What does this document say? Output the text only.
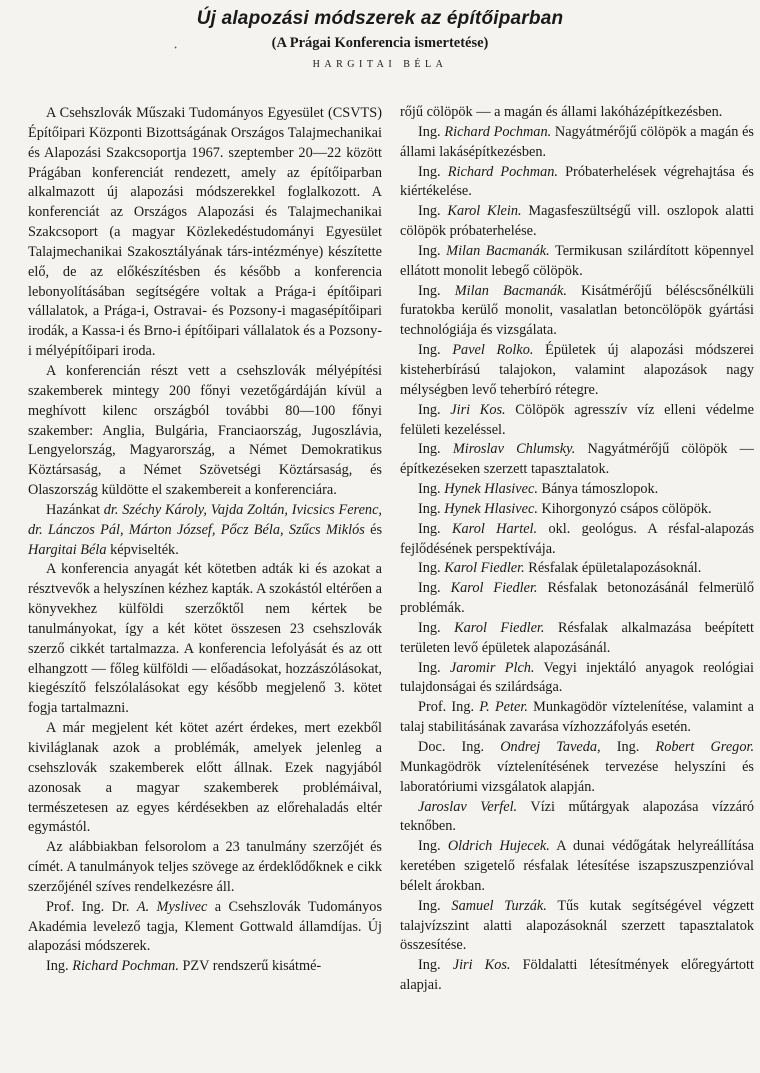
Új alapozási módszerek az építőiparban
(A Prágai Konferencia ismertetése)
HARGITAI BÉLA
ꞏ

A Csehszlovák Műszaki Tudományos Egyesület (CSVTS) Építőipari Központi Bizottságának Országos Talajmechanikai és Alapozási Szakcsoportja 1967. szeptember 20—22 között Prágában konferenciát rendezett, amely az építőiparban alkalmazott új alapozási módszerekkel foglalkozott. A konferenciát az Országos Alapozási és Talajmechanikai Szakcsoport (a magyar Közlekedéstudományi Egyesület Talajmechanikai Szakosztályának társ-intézménye) készítette elő, de az előkészítésben és később a konferencia lebonyolításában segítségére voltak a Prága-i építőipari vállalatok, a Prága-i, Ostravai- és Pozsony-i magasépítőipari irodák, a Kassa-i és Brno-i építőipari vállalatok és a Pozsony-i mélyépítőipari iroda.

A konferencián részt vett a csehszlovák mélyépítési szakemberek mintegy 200 főnyi vezetőgárdáján kívül a meghívott kilenc országból további 80—100 főnyi szakember: Anglia, Bulgária, Franciaország, Jugoszlávia, Lengyelország, Magyarország, a Német Demokratikus Köztársaság, a Német Szövetségi Köztársaság, és Olaszország küldötte el szakembereit a konferenciára.

Hazánkat dr. Széchy Károly, Vajda Zoltán, Ivicsics Ferenc, dr. Lánczos Pál, Márton József, Pőcz Béla, Szűcs Miklós és Hargitai Béla képviselték.

A konferencia anyagát két kötetben adták ki és azokat a résztvevők a helyszínen kézhez kapták. A szokástól eltérően a könyvekhez külföldi szerzőktől nem kértek be tanulmányokat, így a két kötet összesen 23 csehszlovák szerző cikkét tartalmazza. A konferencia lefolyását és az ott elhangzott — főleg külföldi — előadásokat, hozzászólásokat, kiegészítő felszólalásokat egy később megjelenő 3. kötet fogja tartalmazni.

A már megjelent két kötet azért érdekes, mert ezekből kiviláglanak azok a problémák, amelyek jelenleg a csehszlovák szakemberek előtt állnak. Ezek nagyjából azonosak a magyar szakemberek problémáival, természetesen az egyes kérdésekben az előrehaladás eltér egymástól.

Az alábbiakban felsorolom a 23 tanulmány szerzőjét és címét. A tanulmányok teljes szövege az érdeklődőknek e cikk szerzőjénél szíves rendelkezésre áll.

Prof. Ing. Dr. A. Myslivec a Csehszlovák Tudományos Akadémia levelező tagja, Klement Gottwald államdíjas. Új alapozási módszerek.

Ing. Richard Pochman. PZV rendszerű kisátmé-

rőjű cölöpök — a magán és állami lakóházépítkezésben.

Ing. Richard Pochman. Nagyátmérőjű cölöpök a magán és állami lakásépítkezésben.

Ing. Richard Pochman. Próbaterhelések végrehajtása és kiértékelése.

Ing. Karol Klein. Magasfeszültségű vill. oszlopok alatti cölöpök próbaterhelése.

Ing. Milan Bacmanák. Termikusan szilárdított köpennyel ellátott monolit lebegő cölöpök.

Ing. Milan Bacmanák. Kisátmérőjű béléscsőnélküli furatokba kerülő monolit, vasalatlan betoncölöpök gyártási technológiája és vizsgálata.

Ing. Pavel Rolko. Épületek új alapozási módszerei kisteherbírású talajokon, valamint alapozások nagy mélységben levő teherbíró rétegre.

Ing. Jiri Kos. Cölöpök agresszív víz elleni védelme felületi kezeléssel.

Ing. Miroslav Chlumsky. Nagyátmérőjű cölöpök — építkezéseken szerzett tapasztalatok.

Ing. Hynek Hlasivec. Bánya támoszlopok.

Ing. Hynek Hlasivec. Kihorgonyzó csápos cölöpök.

Ing. Karol Hartel. okl. geológus. A résfal-alapozás fejlődésének perspektívája.

Ing. Karol Fiedler. Résfalak épületalapozásoknál.

Ing. Karol Fiedler. Résfalak betonozásánál felmerülő problémák.

Ing. Karol Fiedler. Résfalak alkalmazása beépített területen levő épületek alapozásánál.

Ing. Jaromir Plch. Vegyi injektáló anyagok reológiai tulajdonságai és szilárdsága.

Prof. Ing. P. Peter. Munkagödör víztelenítése, valamint a talaj stabilitásának zavarása vízhozzáfolyás esetén.

Doc. Ing. Ondrej Taveda, Ing. Robert Gregor. Munkagödrök víztelenítésének tervezése helyszíni és laboratóriumi vizsgálatok alapján.

Jaroslav Verfel. Vízi műtárgyak alapozása vízzáró teknőben.

Ing. Oldrich Hujecek. A dunai védőgátak helyreállítása keretében szigetelő résfalak létesítése iszapszuszpenzióval bélelt árokban.

Ing. Samuel Turzák. Tűs kutak segítségével végzett talajvízszint alatti alapozásoknál szerzett tapasztalatok összesítése.

Ing. Jiri Kos. Földalatti létesítmények előregyártott alapjai.
